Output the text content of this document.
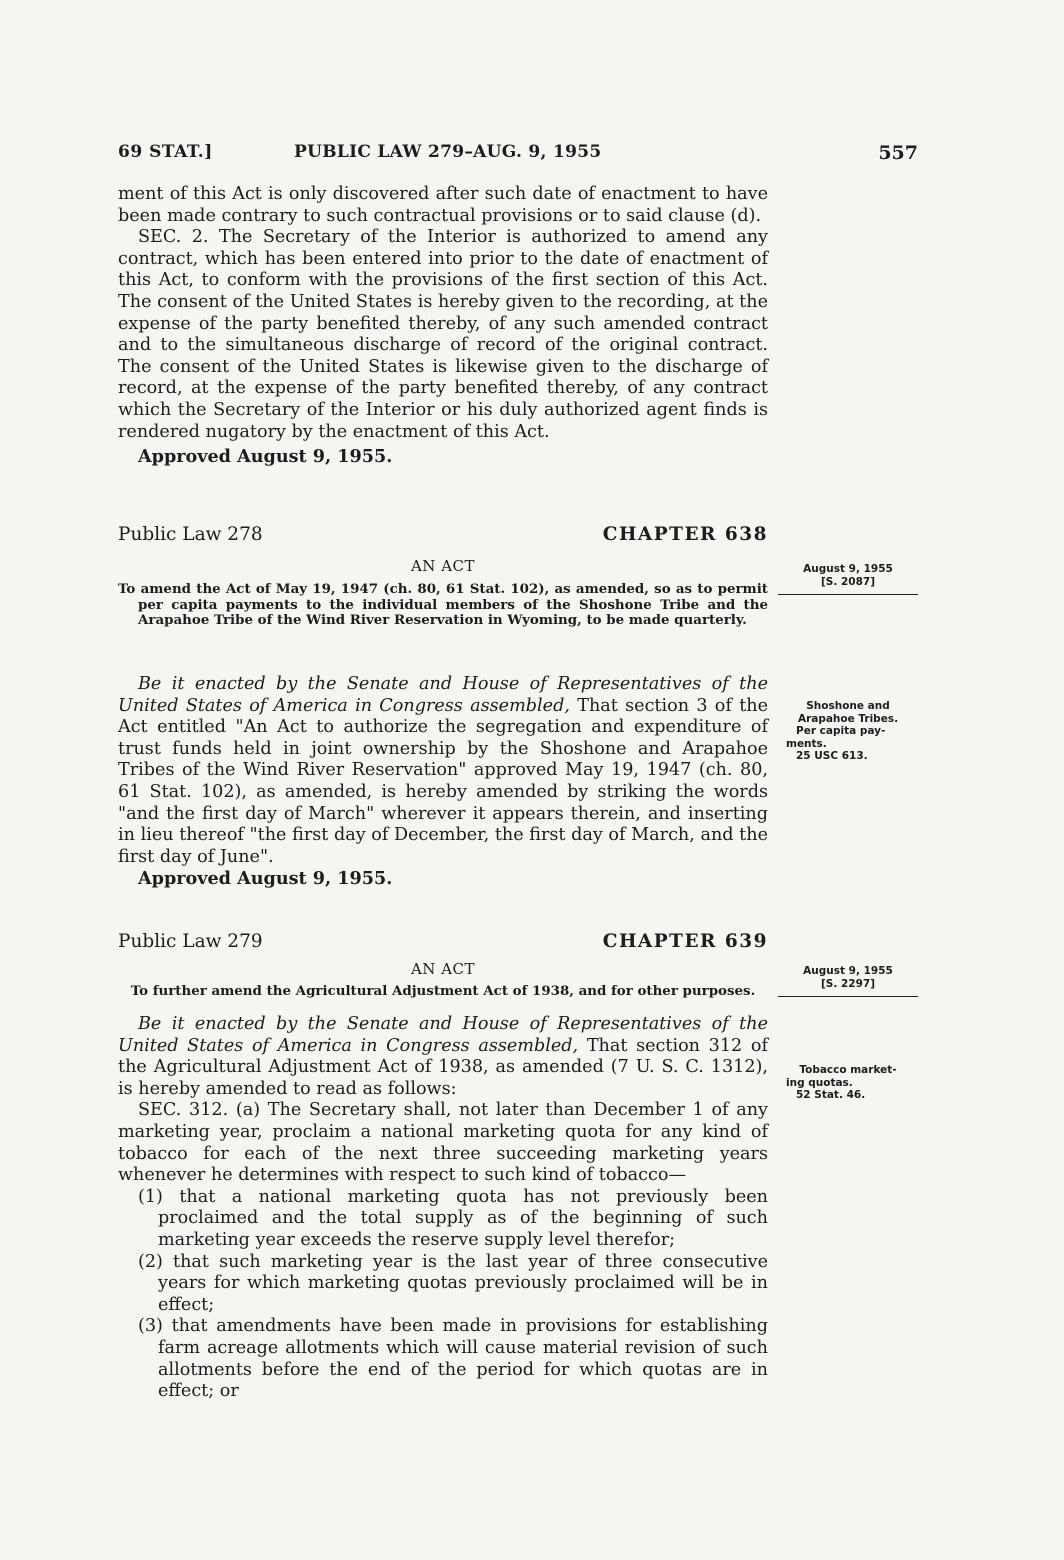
69 STAT.]	PUBLIC LAW 279–AUG. 9, 1955	557

ment of this Act is only discovered after such date of enactment to have been made contrary to such contractual provisions or to said clause (d).

SEC. 2. The Secretary of the Interior is authorized to amend any contract, which has been entered into prior to the date of enactment of this Act, to conform with the provisions of the first section of this Act. The consent of the United States is hereby given to the recording, at the expense of the party benefited thereby, of any such amended contract and to the simultaneous discharge of record of the original contract. The consent of the United States is likewise given to the discharge of record, at the expense of the party benefited thereby, of any contract which the Secretary of the Interior or his duly authorized agent finds is rendered nugatory by the enactment of this Act.

Approved August 9, 1955.

Public Law 278	CHAPTER 638
AN ACT

To amend the Act of May 19, 1947 (ch. 80, 61 Stat. 102), as amended, so as to permit per capita payments to the individual members of the Shoshone Tribe and the Arapahoe Tribe of the Wind River Reservation in Wyoming, to be made quarterly.

Be it enacted by the Senate and House of Representatives of the United States of America in Congress assembled, That section 3 of the Act entitled "An Act to authorize the segregation and expenditure of trust funds held in joint ownership by the Shoshone and Arapahoe Tribes of the Wind River Reservation" approved May 19, 1947 (ch. 80, 61 Stat. 102), as amended, is hereby amended by striking the words "and the first day of March" wherever it appears therein, and inserting in lieu thereof "the first day of December, the first day of March, and the first day of June".

Approved August 9, 1955.

August 9, 1955
[S. 2087]
Shoshone and
Arapahoe Tribes.
Per capita pay-
ments.
25 USC 613.
Public Law 279	CHAPTER 639
AN ACT

To further amend the Agricultural Adjustment Act of 1938, and for other purposes.

Be it enacted by the Senate and House of Representatives of the United States of America in Congress assembled, That section 312 of the Agricultural Adjustment Act of 1938, as amended (7 U. S. C. 1312), is hereby amended to read as follows:

SEC. 312. (a) The Secretary shall, not later than December 1 of any marketing year, proclaim a national marketing quota for any kind of tobacco for each of the next three succeeding marketing years whenever he determines with respect to such kind of tobacco—

(1) that a national marketing quota has not previously been proclaimed and the total supply as of the beginning of such marketing year exceeds the reserve supply level therefor;

(2) that such marketing year is the last year of three consecutive years for which marketing quotas previously proclaimed will be in effect;

(3) that amendments have been made in provisions for establishing farm acreage allotments which will cause material revision of such allotments before the end of the period for which quotas are in effect; or

August 9, 1955
[S. 2297]
Tobacco market-
ing quotas.
52 Stat. 46.
